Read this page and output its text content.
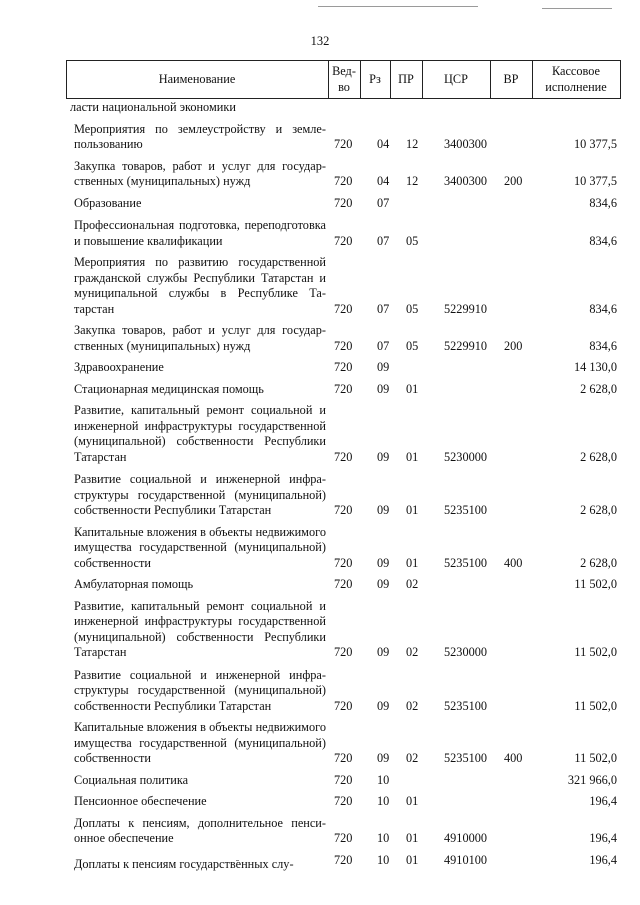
132
Наименование
Вед-
во
Рз ПР ЦСР	ВР
Кассовое
исполнение
ласти национальной экономики
Мероприятия по землеустройству и землепользованию	720 04 12 3400300	10 377,5
Закупка товаров, работ и услуг для государственных (муниципальных) нужд	720 04 12 3400300 200	10 377,5
Образование	720 07	834,6
Профессиональная подготовка, переподготовка и повышение квалификации	720 07 05	834,6
Мероприятия по развитию государственной гражданской службы Республики Татарстан и муниципальной службы в Республике Татарстан	720 07 05 5229910	834,6
Закупка товаров, работ и услуг для государственных (муниципальных) нужд	720 07 05 5229910 200	834,6
Здравоохранение	720 09	14 130,0
Стационарная медицинская помощь	720 09 01	2 628,0
Развитие, капитальный ремонт социальной и инженерной инфраструктуры государственной (муниципальной) собственности Республики Татарстан	720 09 01 5230000	2 628,0
Развитие социальной и инженерной инфраструктуры государственной (муниципальной) собственности Республики Татарстан	720 09 01 5235100	2 628,0
Капитальные вложения в объекты недвижимого имущества государственной (муниципальной) собственности	720 09 01 5235100 400	2 628,0
Амбулаторная помощь	720 09 02	11 502,0
Развитие, капитальный ремонт социальной и инженерной инфраструктуры государственной (муниципальной) собственности Республики Татарстан	720 09 02 5230000	11 502,0
Развитие социальной и инженерной инфраструктуры государственной (муниципальной) собственности Республики Татарстан	720 09 02 5235100	11 502,0
Капитальные вложения в объекты недвижимого имущества государственной (муниципальной) собственности	720 09 02 5235100 400	11 502,0
Социальная политика	720 10	321 966,0
Пенсионное обеспечение	720 10 01	196,4
Доплаты к пенсиям, дополнительное пенсионное обеспечение	720 10 01 4910000	196,4
Доплаты к пенсиям государственных слу-	720 10 01 4910100	196,4
